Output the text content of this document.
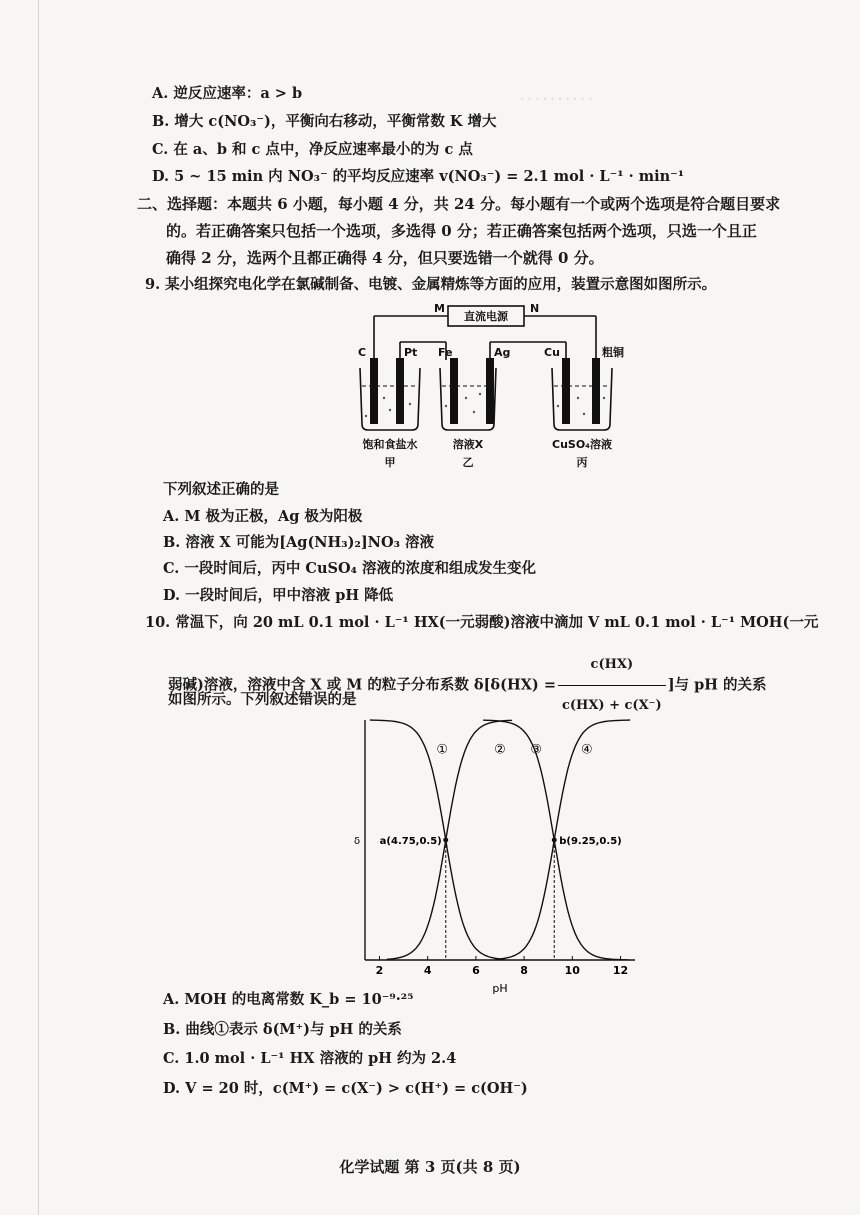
· · · · · · · · · ·
A. 逆反应速率：a > b
B. 增大 c(NO₃⁻)，平衡向右移动，平衡常数 K 增大
C. 在 a、b 和 c 点中，净反应速率最小的为 c 点
D. 5 ~ 15 min 内 NO₃⁻ 的平均反应速率 v(NO₃⁻) = 2.1 mol · L⁻¹ · min⁻¹
二、选择题：本题共 6 小题，每小题 4 分，共 24 分。每小题有一个或两个选项是符合题目要求
的。若正确答案只包括一个选项，多选得 0 分；若正确答案包括两个选项，只选一个且正
确得 2 分，选两个且都正确得 4 分，但只要选错一个就得 0 分。
9. 某小组探究电化学在氯碱制备、电镀、金属精炼等方面的应用，装置示意图如图所示。
直流电源
M	N
C	Pt Fe	Ag	Cu	粗铜
饱和食盐水	溶液X	CuSO₄溶液
甲	乙	丙
下列叙述正确的是
A. M 极为正极，Ag 极为阳极
B. 溶液 X 可能为[Ag(NH₃)₂]NO₃ 溶液
C. 一段时间后，丙中 CuSO₄ 溶液的浓度和组成发生变化
D. 一段时间后，甲中溶液 pH 降低
10. 常温下，向 20 mL 0.1 mol · L⁻¹ HX(一元弱酸)溶液中滴加 V mL 0.1 mol · L⁻¹ MOH(一元
弱碱)溶液，溶液中含 X 或 M 的粒子分布系数 $\delta[\delta(HX) = \frac{c(HX)}{c(HX) + c(X^-)}$ ]与 pH 的关系
如图所示。下列叙述错误的是
2	4	6	8	10	12
pH
δ
①	② ③	④
a(4.75,0.5)	b(9.25,0.5)
A. MOH 的电离常数 K_b = 10⁻⁹·²⁵
B. 曲线①表示 δ(M⁺)与 pH 的关系
C. 1.0 mol · L⁻¹ HX 溶液的 pH 约为 2.4
D. V = 20 时，c(M⁺) = c(X⁻) > c(H⁺) = c(OH⁻)
化学试题 第 3 页(共 8 页)
